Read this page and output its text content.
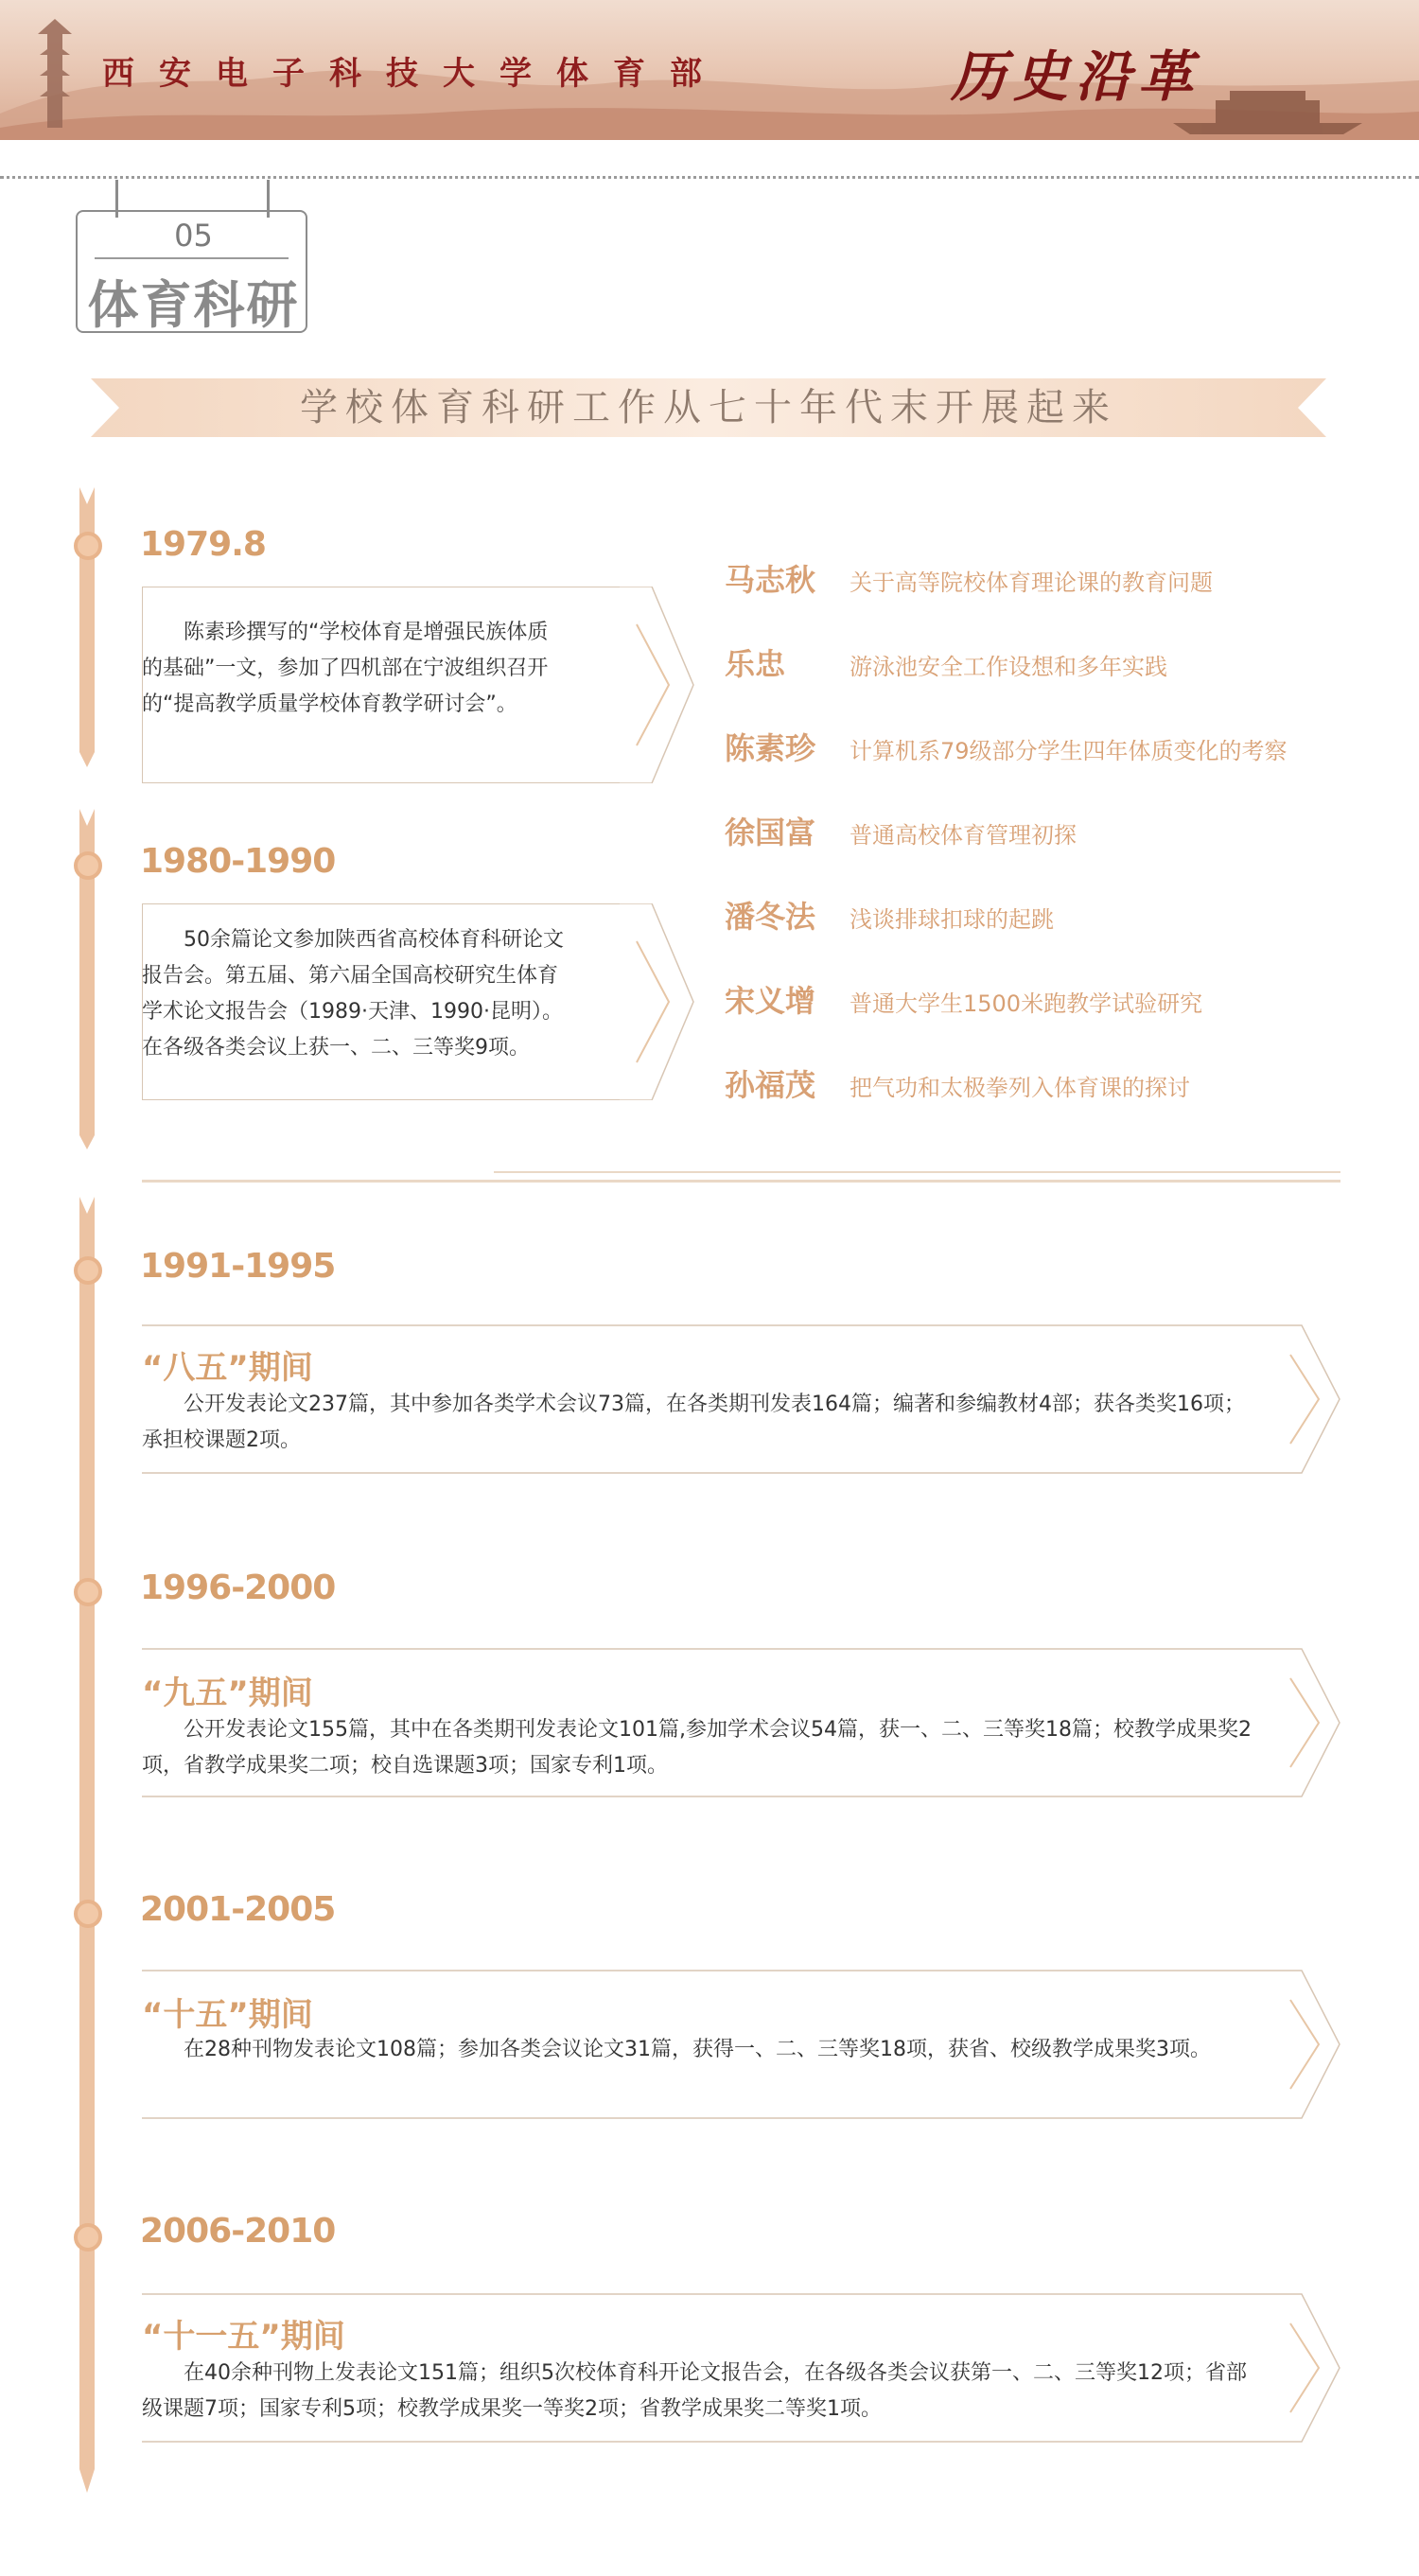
西安电子科技大学体育部	历史沿革
05
体育科研
学校体育科研工作从七十年代末开展起来
1979.8
陈素珍撰写的“学校体育是增强民族体质的基础”一文，参加了四机部在宁波组织召开的“提高教学质量学校体育教学研讨会”。
1980-1990
50余篇论文参加陕西省高校体育科研论文报告会。第五届、第六届全国高校研究生体育学术论文报告会（1989·天津、1990·昆明）。在各级各类会议上获一、二、三等奖9项。
马志秋 关于高等院校体育理论课的教育问题
乐忠	游泳池安全工作设想和多年实践
陈素珍 计算机系79级部分学生四年体质变化的考察
徐国富 普通高校体育管理初探
潘冬法 浅谈排球扣球的起跳
宋义增 普通大学生1500米跑教学试验研究
孙福茂 把气功和太极拳列入体育课的探讨
1991-1995
“八五”期间
公开发表论文237篇，其中参加各类学术会议73篇，在各类期刊发表164篇；编著和参编教材4部；获各类奖16项；承担校课题2项。
1996-2000
“九五”期间
公开发表论文155篇，其中在各类期刊发表论文101篇,参加学术会议54篇，获一、二、三等奖18篇；校教学成果奖2项，省教学成果奖二项；校自选课题3项；国家专利1项。
2001-2005
“十五”期间
在28种刊物发表论文108篇；参加各类会议论文31篇，获得一、二、三等奖18项，获省、校级教学成果奖3项。
2006-2010
“十一五”期间
在40余种刊物上发表论文151篇；组织5次校体育科开论文报告会，在各级各类会议获第一、二、三等奖12项；省部级课题7项；国家专利5项；校教学成果奖一等奖2项；省教学成果奖二等奖1项。
